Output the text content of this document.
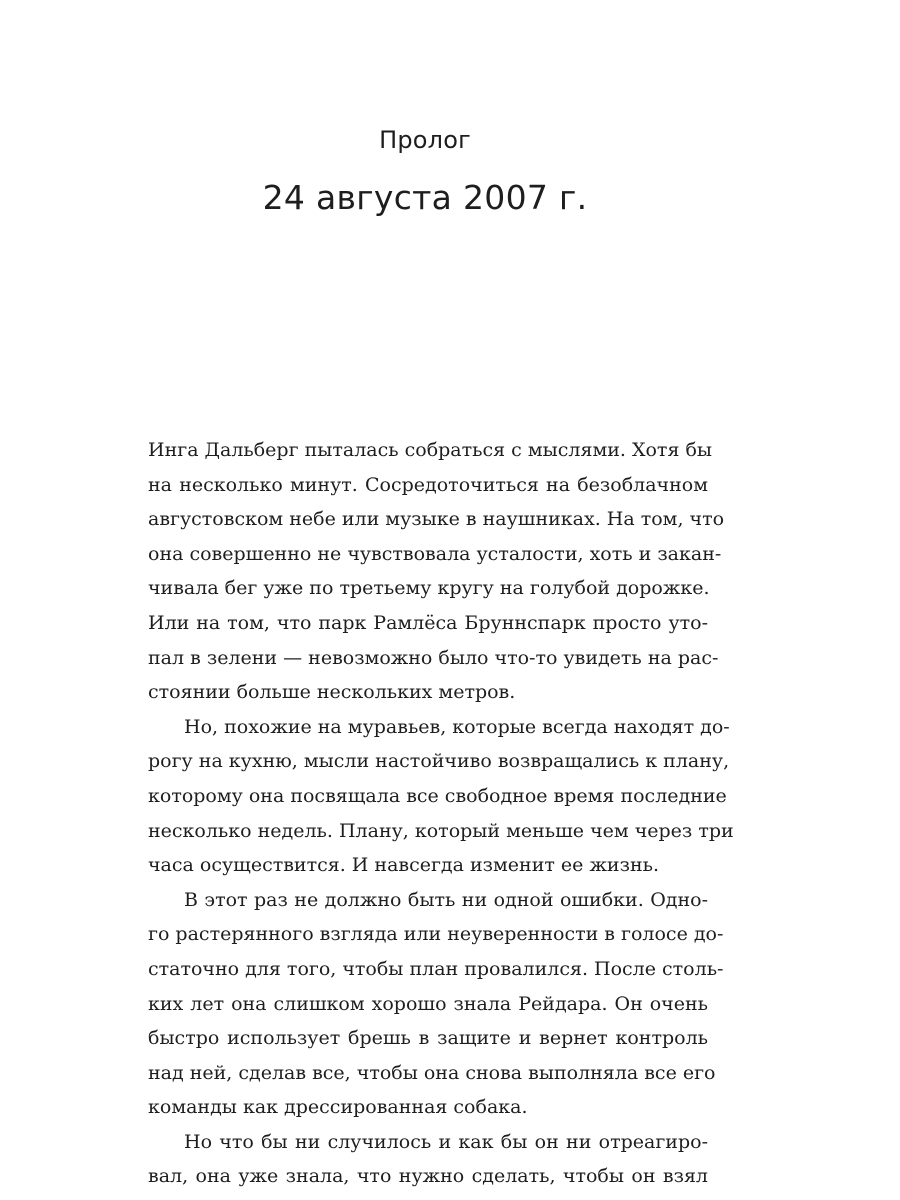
Пролог
24 августа 2007 г.
Инга Дальберг пыталась собраться с мыслями. Хотя бы
на несколько минут. Сосредоточиться на безоблачном
августовском небе или музыке в наушниках. На том, что
она совершенно не чувствовала усталости, хоть и закан-
чивала бег уже по третьему кругу на голубой дорожке.
Или на том, что парк Рамлёса Бруннспарк просто уто-
пал в зелени — невозможно было что-то увидеть на рас-
стоянии больше нескольких метров.
Но, похожие на муравьев, которые всегда находят до-
рогу на кухню, мысли настойчиво возвращались к плану,
которому она посвящала все свободное время последние
несколько недель. Плану, который меньше чем через три
часа осуществится. И навсегда изменит ее жизнь.
В этот раз не должно быть ни одной ошибки. Одно-
го растерянного взгляда или неуверенности в голосе до-
статочно для того, чтобы план провалился. После столь-
ких лет она слишком хорошо знала Рейдара. Он очень
быстро использует брешь в защите и вернет контроль
над ней, сделав все, чтобы она снова выполняла все его
команды как дрессированная собака.
Но что бы ни случилось и как бы он ни отреагиро-
вал, она уже знала, что нужно сделать, чтобы он взял
